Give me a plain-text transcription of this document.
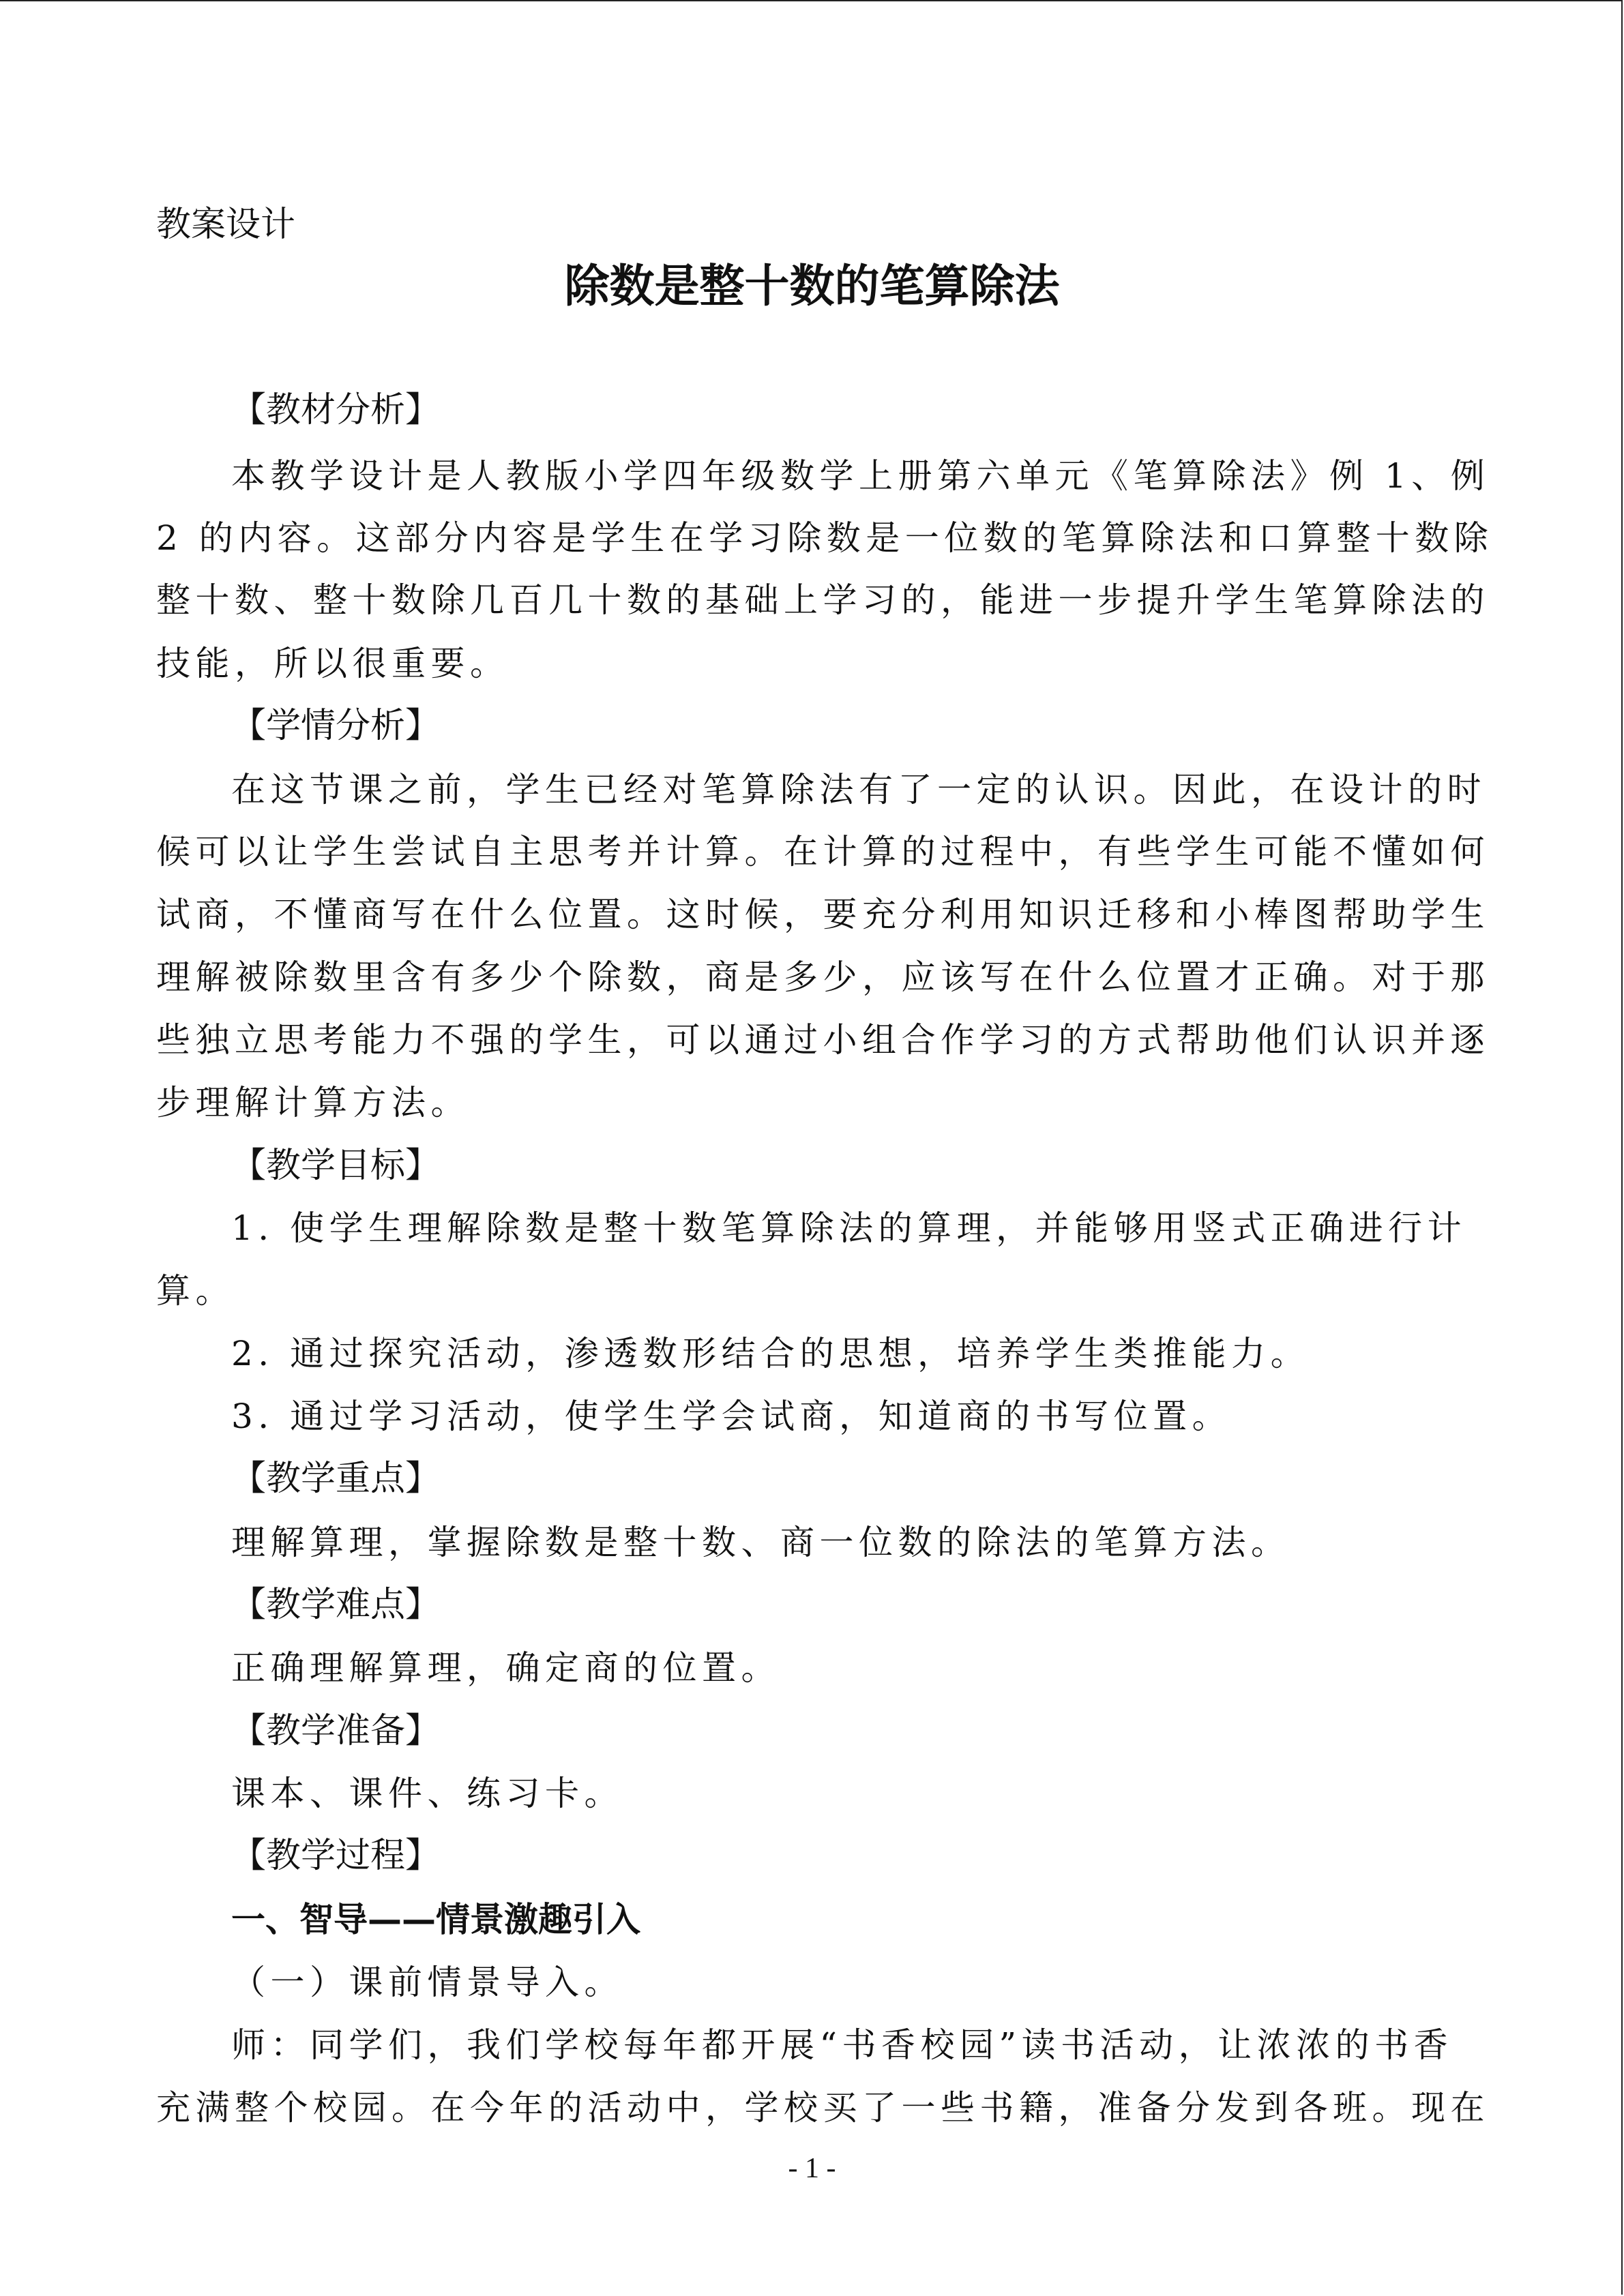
教案设计
除数是整十数的笔算除法
【教材分析】
本教学设计是人教版小学四年级数学上册第六单元《笔算除法》例 1、例
2 的内容。这部分内容是学生在学习除数是一位数的笔算除法和口算整十数除
整十数、整十数除几百几十数的基础上学习的，能进一步提升学生笔算除法的
技能，所以很重要。
【学情分析】
在这节课之前，学生已经对笔算除法有了一定的认识。因此，在设计的时
候可以让学生尝试自主思考并计算。在计算的过程中，有些学生可能不懂如何
试商，不懂商写在什么位置。这时候，要充分利用知识迁移和小棒图帮助学生
理解被除数里含有多少个除数，商是多少，应该写在什么位置才正确。对于那
些独立思考能力不强的学生，可以通过小组合作学习的方式帮助他们认识并逐
步理解计算方法。
【教学目标】
1. 使学生理解除数是整十数笔算除法的算理，并能够用竖式正确进行计
算。
2. 通过探究活动，渗透数形结合的思想，培养学生类推能力。
3. 通过学习活动，使学生学会试商，知道商的书写位置。
【教学重点】
理解算理，掌握除数是整十数、商一位数的除法的笔算方法。
【教学难点】
正确理解算理，确定商的位置。
【教学准备】
课本、课件、练习卡。
【教学过程】
一、智导——情景激趣引入
（一）课前情景导入。
师：同学们，我们学校每年都开展“书香校园”读书活动，让浓浓的书香
充满整个校园。在今年的活动中，学校买了一些书籍，准备分发到各班。现在
- 1 -
